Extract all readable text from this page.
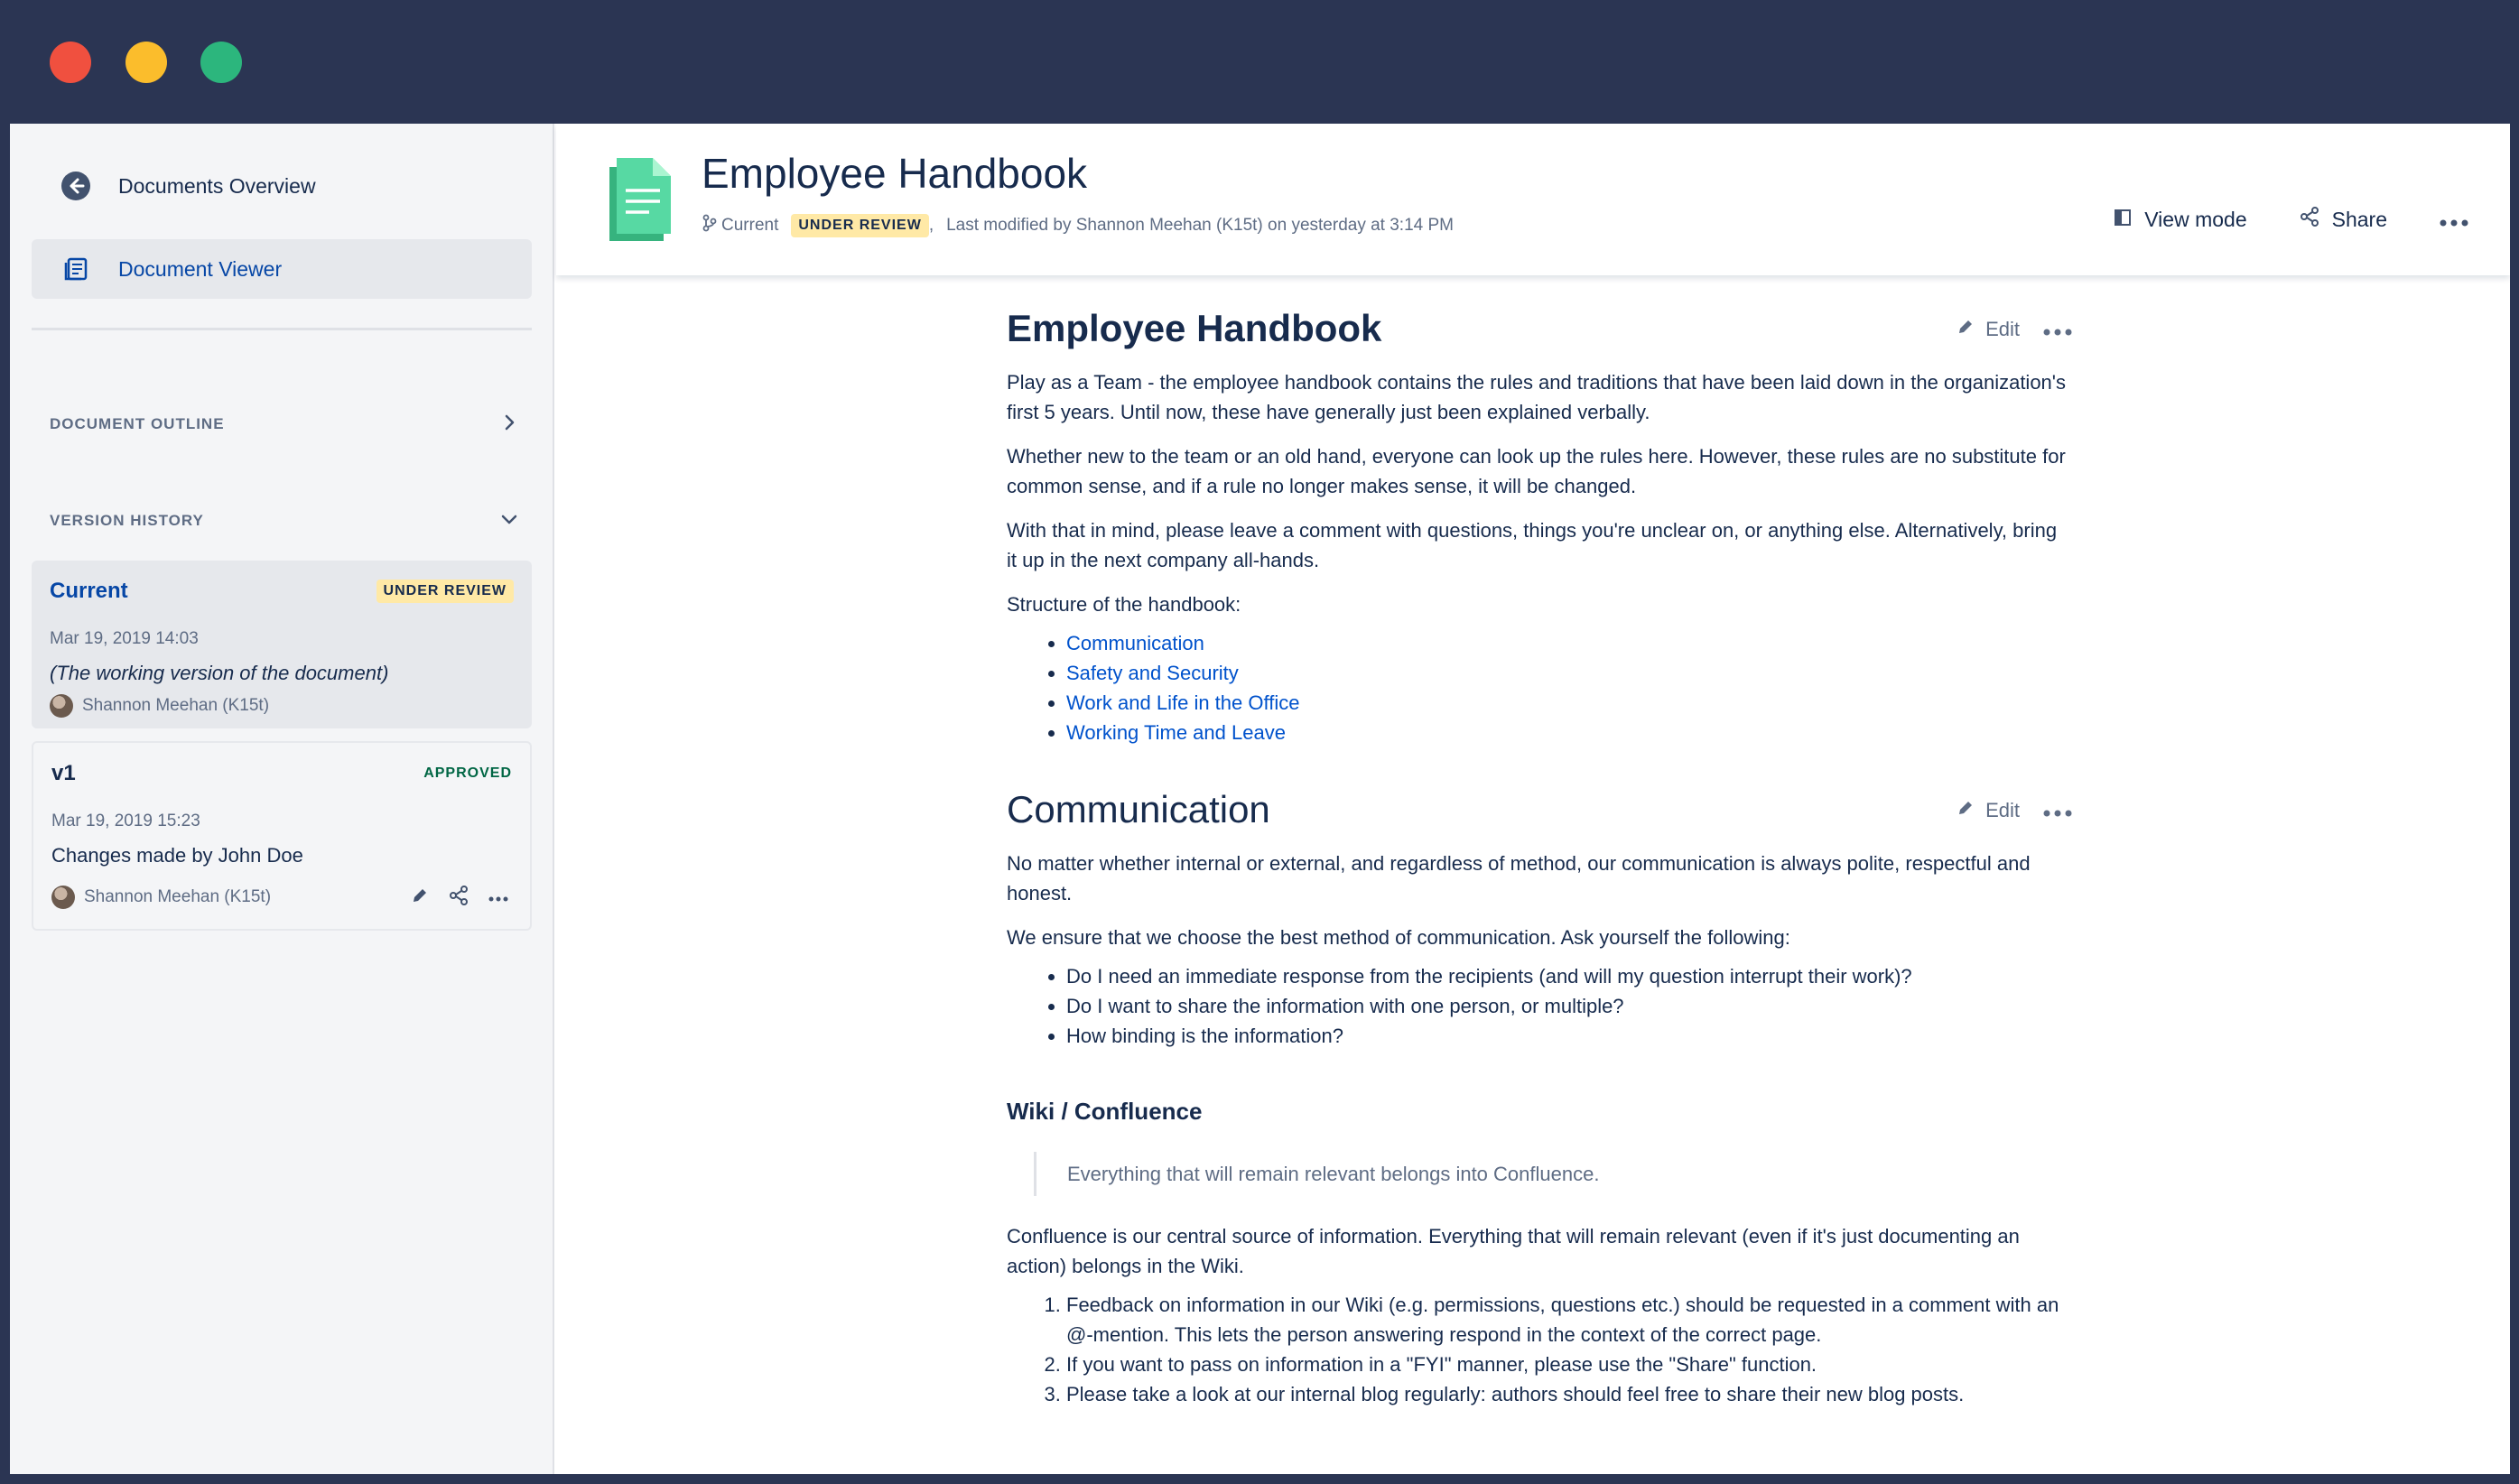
Documents Overview
Document Viewer
DOCUMENT OUTLINE
VERSION HISTORY
Current	UNDER REVIEW
Mar 19, 2019 14:03
(The working version of the document)
Shannon Meehan (K15t)
v1	APPROVED
Mar 19, 2019 15:23
Changes made by John Doe
Shannon Meehan (K15t)
Employee Handbook
Current	UNDER REVIEW , Last modified by Shannon Meehan (K15t) on yesterday at 3:14 PM	View mode	Share
Employee Handbook	Edit

Play as a Team - the employee handbook contains the rules and traditions that have been laid down in the organization's first 5 years. Until now, these have generally just been explained verbally.

Whether new to the team or an old hand, everyone can look up the rules here. However, these rules are no substitute for common sense, and if a rule no longer makes sense, it will be changed.

With that in mind, please leave a comment with questions, things you're unclear on, or anything else. Alternatively, bring it up in the next company all-hands.

Structure of the handbook:

• Communication
• Safety and Security
• Work and Life in the Office
• Working Time and Leave
Communication	Edit

No matter whether internal or external, and regardless of method, our communication is always polite, respectful and honest.

We ensure that we choose the best method of communication. Ask yourself the following:

• Do I need an immediate response from the recipients (and will my question interrupt their work)?
• Do I want to share the information with one person, or multiple?
• How binding is the information?
Wiki / Confluence
Everything that will remain relevant belongs into Confluence.

Confluence is our central source of information. Everything that will remain relevant (even if it's just documenting an action) belongs in the Wiki.

1. Feedback on information in our Wiki (e.g. permissions, questions etc.) should be requested in a comment with an @-mention. This lets the person answering respond in the context of the correct page.
2. If you want to pass on information in a "FYI" manner, please use the "Share" function.
3. Please take a look at our internal blog regularly: authors should feel free to share their new blog posts.
